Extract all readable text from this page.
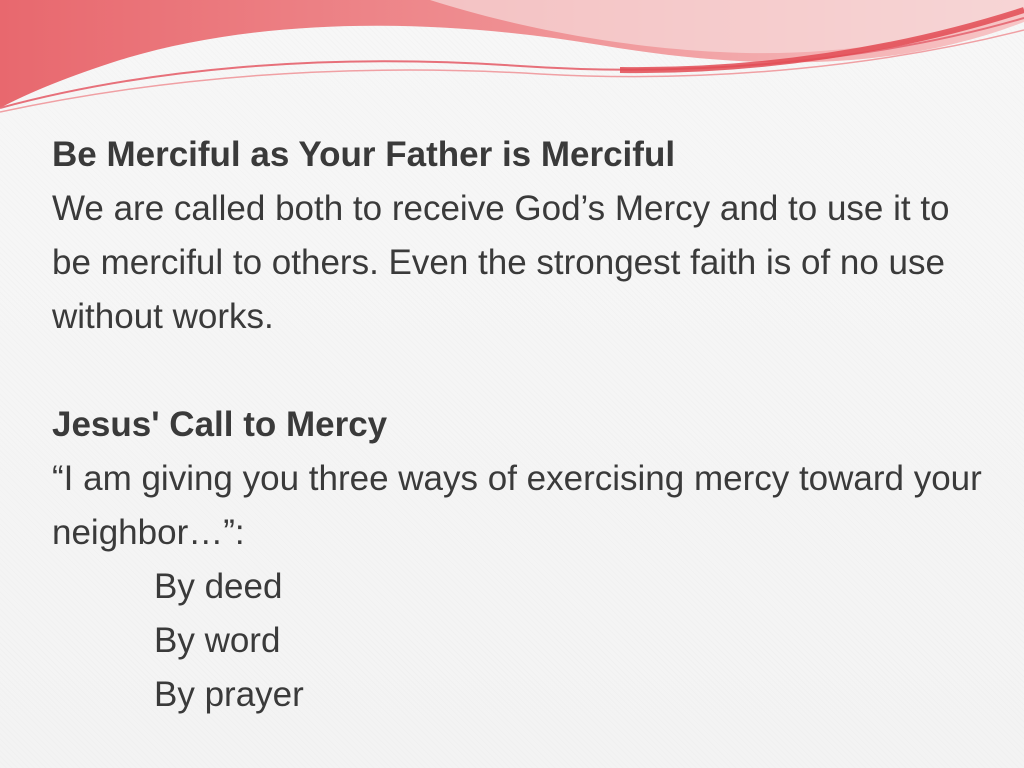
Be Merciful as Your Father is Merciful

We are called both to receive God’s Mercy and to use it to be merciful to others. Even the strongest faith is of no use without works.

Jesus' Call to Mercy

“I am giving you three ways of exercising mercy toward your neighbor…”:

By deed

By word

By prayer
